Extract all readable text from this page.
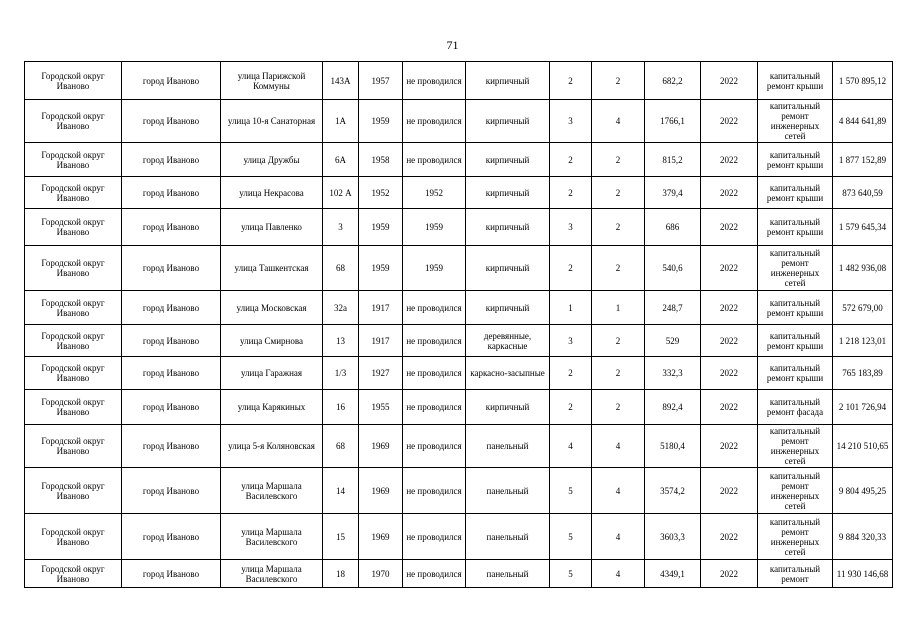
71
Городской округ Иваново	город Иваново	улица Парижской Коммуны	143А	1957	не проводился	кирпичный	2	2	682,2	2022	капитальный ремонт крыши	1 570 895,12
Городской округ Иваново	город Иваново	улица 10-я Санаторная	1А	1959	не проводился	кирпичный	3	4	1766,1	2022	капитальный ремонт инженерных сетей	4 844 641,89
Городской округ Иваново	город Иваново	улица Дружбы	6А	1958	не проводился	кирпичный	2	2	815,2	2022	капитальный ремонт крыши	1 877 152,89
Городской округ Иваново	город Иваново	улица Некрасова	102 А	1952	1952	кирпичный	2	2	379,4	2022	капитальный ремонт крыши	873 640,59
Городской округ Иваново	город Иваново	улица Павленко	3	1959	1959	кирпичный	3	2	686	2022	капитальный ремонт крыши	1 579 645,34
Городской округ Иваново	город Иваново	улица Ташкентская	68	1959	1959	кирпичный	2	2	540,6	2022	капитальный ремонт инженерных сетей	1 482 936,08
Городской округ Иваново	город Иваново	улица Московская	32а	1917	не проводился	кирпичный	1	1	248,7	2022	капитальный ремонт крыши	572 679,00
Городской округ Иваново	город Иваново	улица Смирнова	13	1917	не проводился	деревянные, каркасные	3	2	529	2022	капитальный ремонт крыши	1 218 123,01
Городской округ Иваново	город Иваново	улица Гаражная	1/3	1927	не проводился	каркасно-засыпные	2	2	332,3	2022	капитальный ремонт крыши	765 183,89
Городской округ Иваново	город Иваново	улица Карякиных	16	1955	не проводился	кирпичный	2	2	892,4	2022	капитальный ремонт фасада	2 101 726,94
Городской округ Иваново	город Иваново	улица 5-я Коляновская	68	1969	не проводился	панельный	4	4	5180,4	2022	капитальный ремонт инженерных сетей	14 210 510,65
Городской округ Иваново	город Иваново	улица Маршала Василевского	14	1969	не проводился	панельный	5	4	3574,2	2022	капитальный ремонт инженерных сетей	9 804 495,25
Городской округ Иваново	город Иваново	улица Маршала Василевского	15	1969	не проводился	панельный	5	4	3603,3	2022	капитальный ремонт инженерных сетей	9 884 320,33
Городской округ Иваново	город Иваново	улица Маршала Василевского	18	1970	не проводился	панельный	5	4	4349,1	2022	капитальный ремонт	11 930 146,68
